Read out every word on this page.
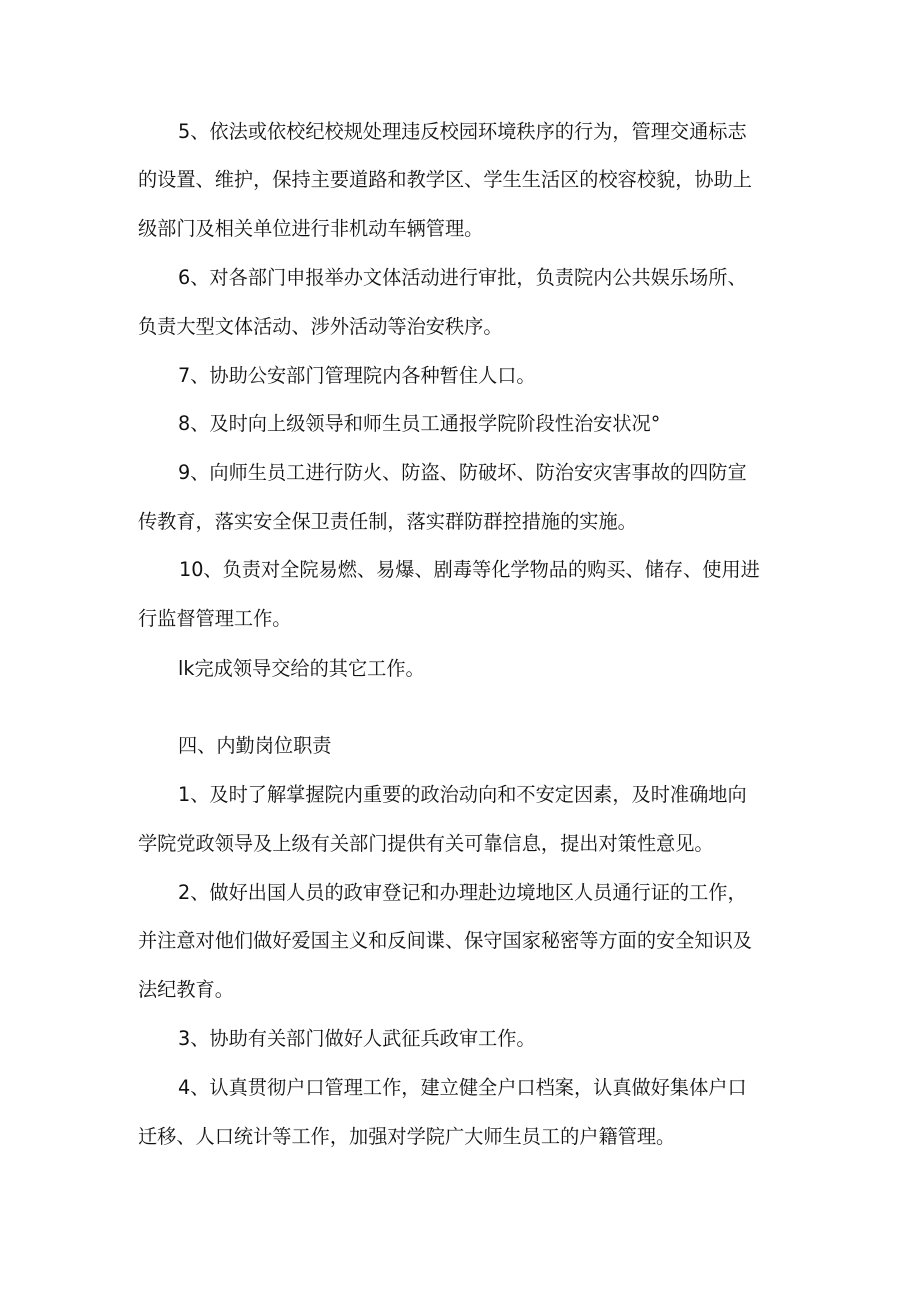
5、依法或依校纪校规处理违反校园环境秩序的行为，管理交通标志
的设置、维护，保持主要道路和教学区、学生生活区的校容校貌，协助上
级部门及相关单位进行非机动车辆管理。
6、对各部门申报举办文体活动进行审批，负责院内公共娱乐场所、
负责大型文体活动、涉外活动等治安秩序。
7、协助公安部门管理院内各种暂住人口。
8、及时向上级领导和师生员工通报学院阶段性治安状况°
9、向师生员工进行防火、防盗、防破坏、防治安灾害事故的四防宣
传教育，落实安全保卫责任制，落实群防群控措施的实施。
10、负责对全院易燃、易爆、剧毒等化学物品的购买、储存、使用进
行监督管理工作。
lk完成领导交给的其它工作。
四、内勤岗位职责
1、及时了解掌握院内重要的政治动向和不安定因素，及时准确地向
学院党政领导及上级有关部门提供有关可靠信息，提出对策性意见。
2、做好出国人员的政审登记和办理赴边境地区人员通行证的工作，
并注意对他们做好爱国主义和反间谍、保守国家秘密等方面的安全知识及
法纪教育。
3、协助有关部门做好人武征兵政审工作。
4、认真贯彻户口管理工作，建立健全户口档案，认真做好集体户口
迁移、人口统计等工作，加强对学院广大师生员工的户籍管理。
